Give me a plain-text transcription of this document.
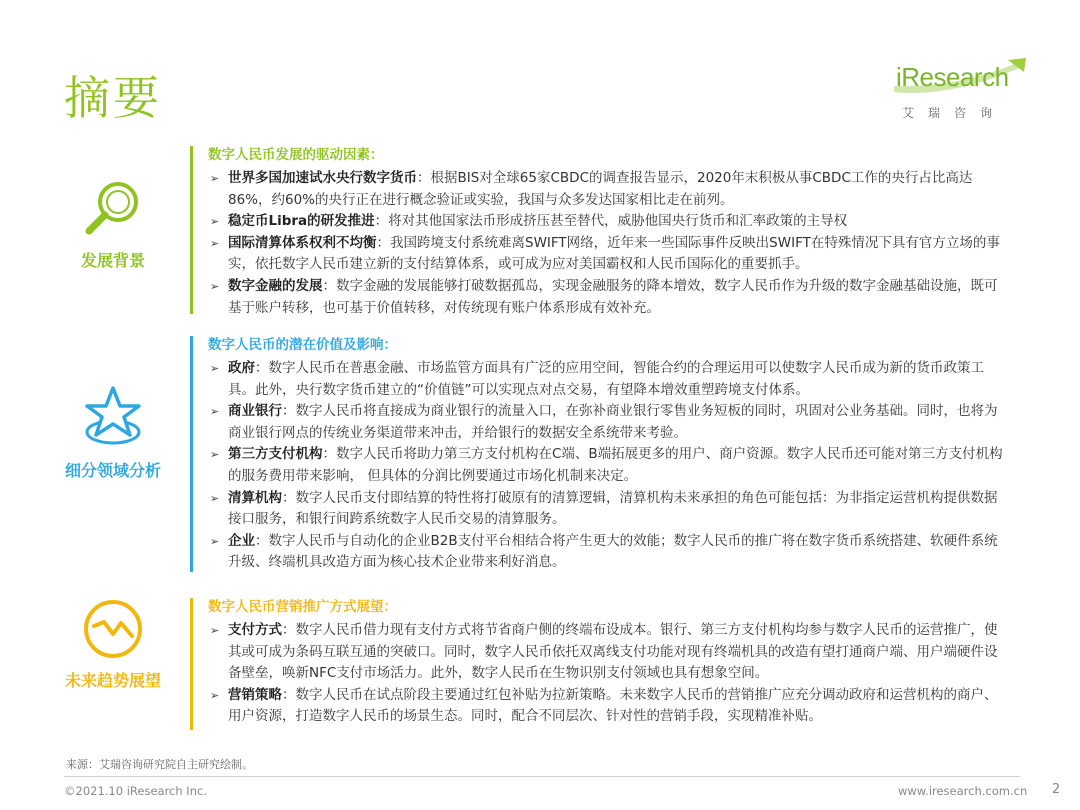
摘要	iResearch
艾瑞咨询
发展背景
数字人民币发展的驱动因素：
➢ 世界多国加速试水央行数字货币：根据BIS对全球65家CBDC的调查报告显示，2020年末积极从事CBDC工作的央行占比高达86%，约60%的央行正在进行概念验证或实验，我国与众多发达国家相比走在前列。
➢ 稳定币Libra的研发推进：将对其他国家法币形成挤压甚至替代，威胁他国央行货币和汇率政策的主导权
➢ 国际清算体系权利不均衡：我国跨境支付系统难离SWIFT网络，近年来一些国际事件反映出SWIFT在特殊情况下具有官方立场的事实，依托数字人民币建立新的支付结算体系，或可成为应对美国霸权和人民币国际化的重要抓手。
➢ 数字金融的发展：数字金融的发展能够打破数据孤岛，实现金融服务的降本增效，数字人民币作为升级的数字金融基础设施，既可基于账户转移，也可基于价值转移，对传统现有账户体系形成有效补充。
细分领域分析
数字人民币的潜在价值及影响：
➢ 政府：数字人民币在普惠金融、市场监管方面具有广泛的应用空间，智能合约的合理运用可以使数字人民币成为新的货币政策工具。此外，央行数字货币建立的“价值链”可以实现点对点交易，有望降本增效重塑跨境支付体系。
➢ 商业银行：数字人民币将直接成为商业银行的流量入口，在弥补商业银行零售业务短板的同时，巩固对公业务基础。同时，也将为商业银行网点的传统业务渠道带来冲击，并给银行的数据安全系统带来考验。
➢ 第三方支付机构：数字人民币将助力第三方支付机构在C端、B端拓展更多的用户、商户资源。数字人民币还可能对第三方支付机构的服务费用带来影响， 但具体的分润比例要通过市场化机制来决定。
➢ 清算机构：数字人民币支付即结算的特性将打破原有的清算逻辑，清算机构未来承担的角色可能包括：为非指定运营机构提供数据接口服务，和银行间跨系统数字人民币交易的清算服务。
➢ 企业：数字人民币与自动化的企业B2B支付平台相结合将产生更大的效能；数字人民币的推广将在数字货币系统搭建、软硬件系统升级、终端机具改造方面为核心技术企业带来利好消息。
未来趋势展望
数字人民币营销推广方式展望：
➢ 支付方式：数字人民币借力现有支付方式将节省商户侧的终端布设成本。银行、第三方支付机构均参与数字人民币的运营推广，使其或可成为条码互联互通的突破口。同时，数字人民币依托双离线支付功能对现有终端机具的改造有望打通商户端、用户端硬件设备壁垒，唤新NFC支付市场活力。此外，数字人民币在生物识别支付领域也具有想象空间。
➢ 营销策略：数字人民币在试点阶段主要通过红包补贴为拉新策略。未来数字人民币的营销推广应充分调动政府和运营机构的商户、用户资源，打造数字人民币的场景生态。同时，配合不同层次、针对性的营销手段，实现精准补贴。
来源：艾瑞咨询研究院自主研究绘制。
©2021.10 iResearch Inc.	www.iresearch.com.cn 2
